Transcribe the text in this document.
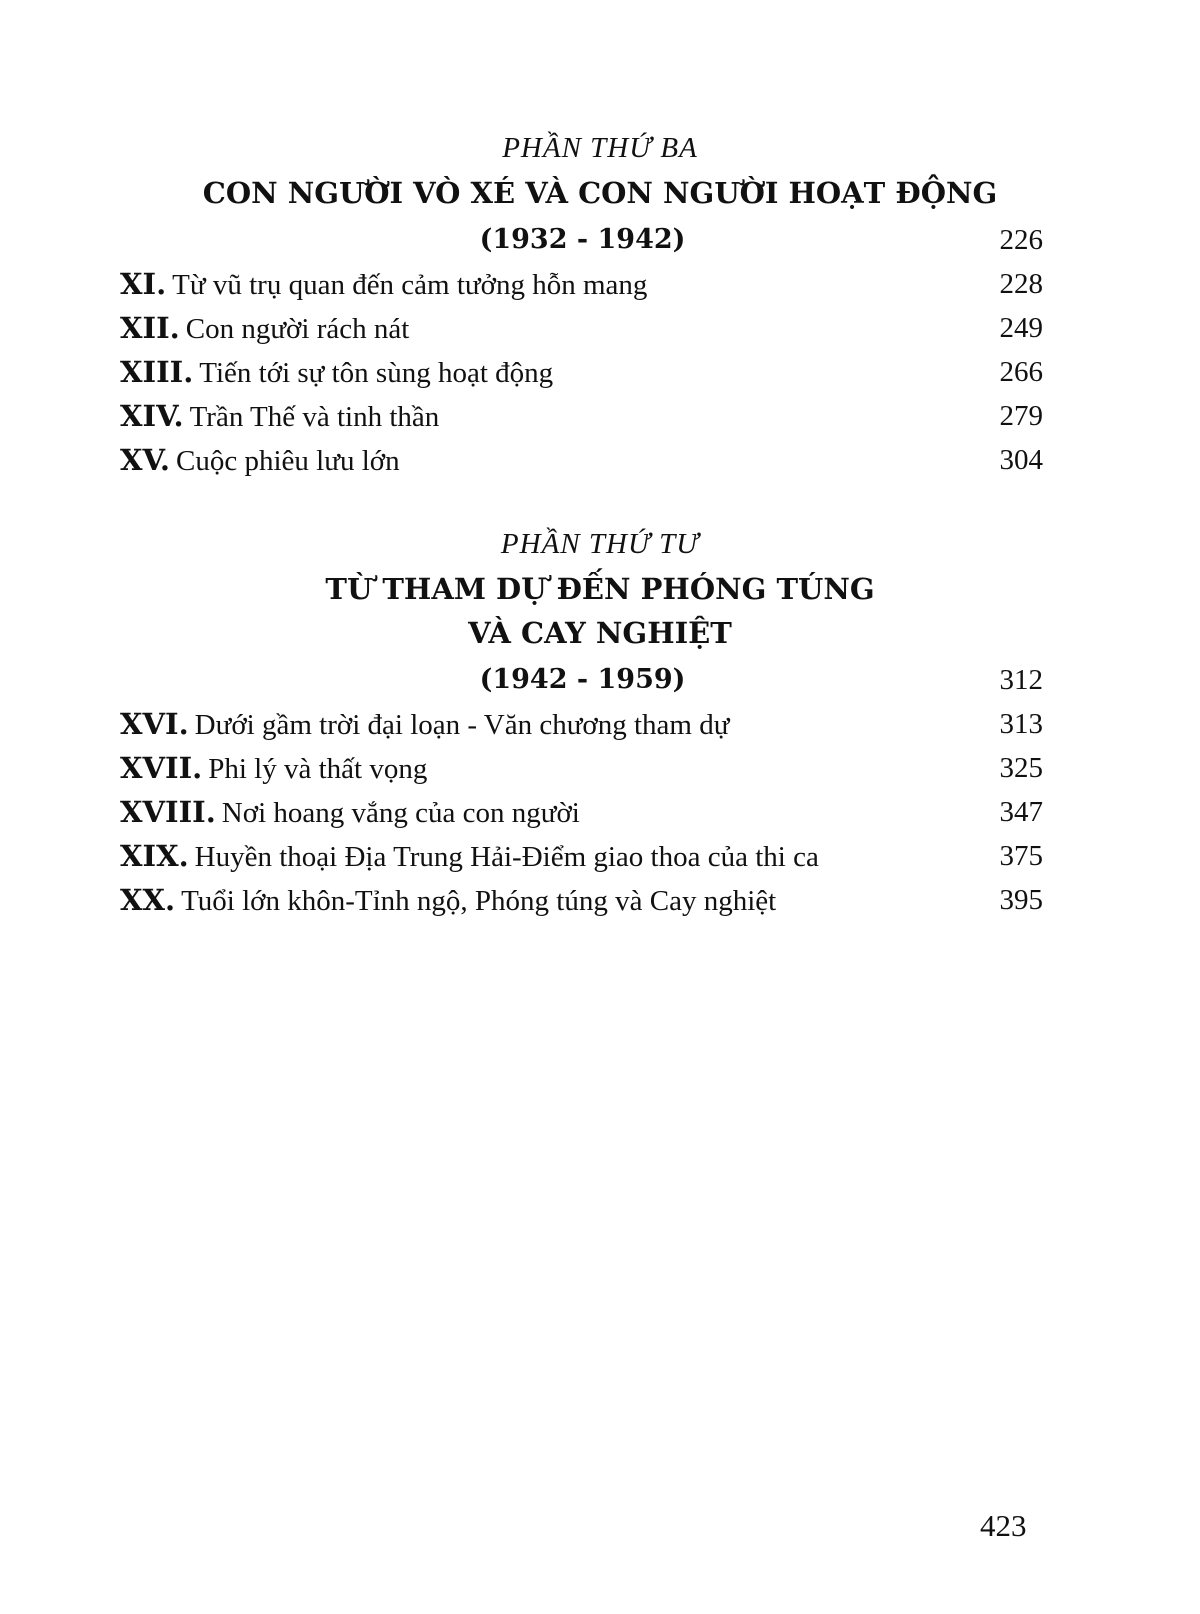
PHẦN THỨ BA
CON NGƯỜI VÒ XÉ VÀ CON NGƯỜI HOẠT ĐỘNG
(1932 - 1942)	226
XI. Từ vũ trụ quan đến cảm tưởng hỗn mang	228
XII. Con người rách nát	249
XIII. Tiến tới sự tôn sùng hoạt động	266
XIV. Trần Thế và tinh thần	279
XV. Cuộc phiêu lưu lớn	304
PHẦN THỨ TƯ
TỪ THAM DỰ ĐẾN PHÓNG TÚNG
VÀ CAY NGHIỆT
(1942 - 1959)	312
XVI. Dưới gầm trời đại loạn - Văn chương tham dự	313
XVII. Phi lý và thất vọng	325
XVIII. Nơi hoang vắng của con người	347
XIX. Huyền thoại Địa Trung Hải-Điểm giao thoa của thi ca	375
XX. Tuổi lớn khôn-Tỉnh ngộ, Phóng túng và Cay nghiệt	395
423
